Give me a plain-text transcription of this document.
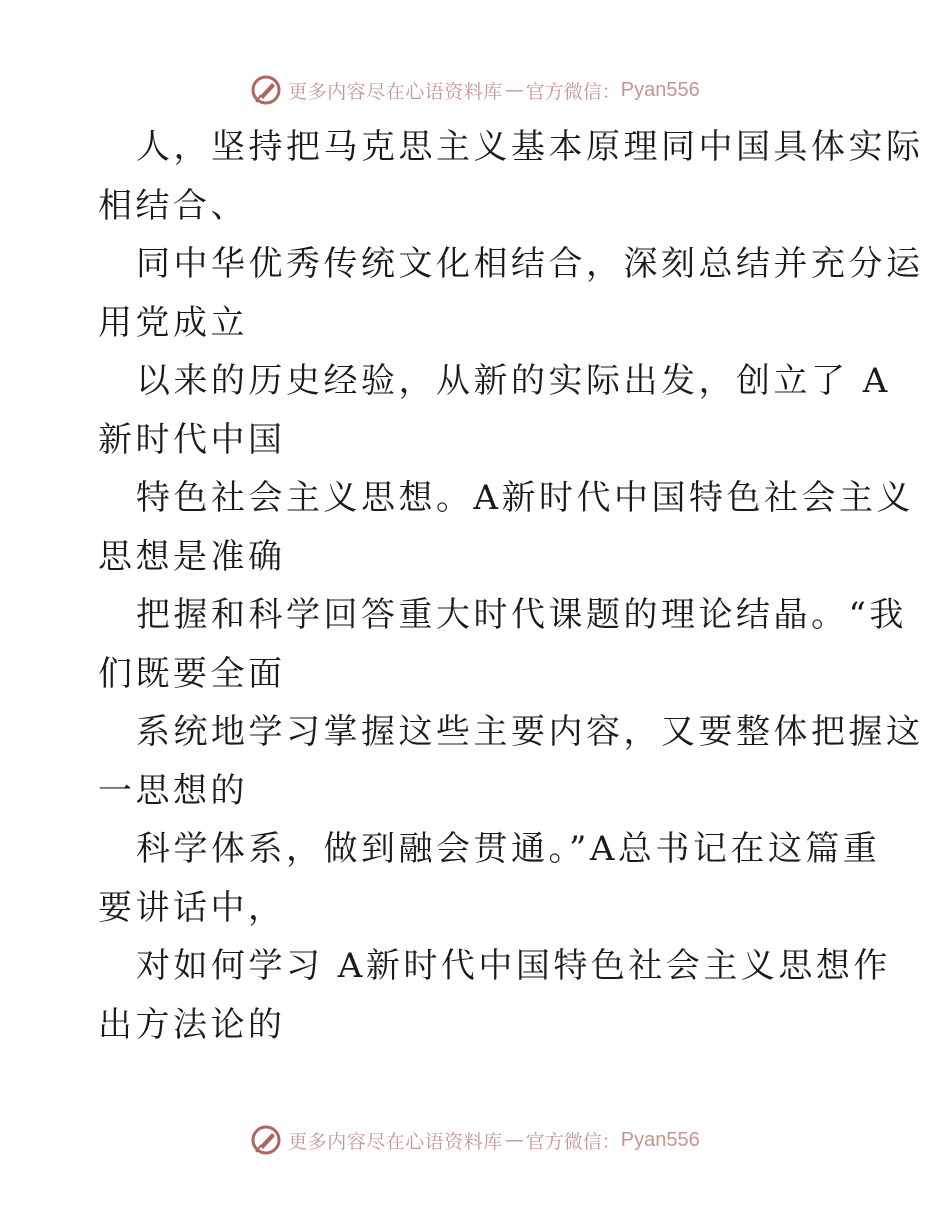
更多内容尽在心语资料库 — 官方微信： Pyan556
人，坚持把马克思主义基本原理同中国具体实际
相结合、
同中华优秀传统文化相结合，深刻总结并充分运
用党成立
以来的历史经验，从新的实际出发，创立了 A
新时代中国
特色社会主义思想。A新时代中国特色社会主义
思想是准确
把握和科学回答重大时代课题的理论结晶。“我
们既要全面
系统地学习掌握这些主要内容，又要整体把握这
一思想的
科学体系，做到融会贯通。”A总书记在这篇重
要讲话中，
对如何学习 A新时代中国特色社会主义思想作
出方法论的
更多内容尽在心语资料库 — 官方微信： Pyan556
